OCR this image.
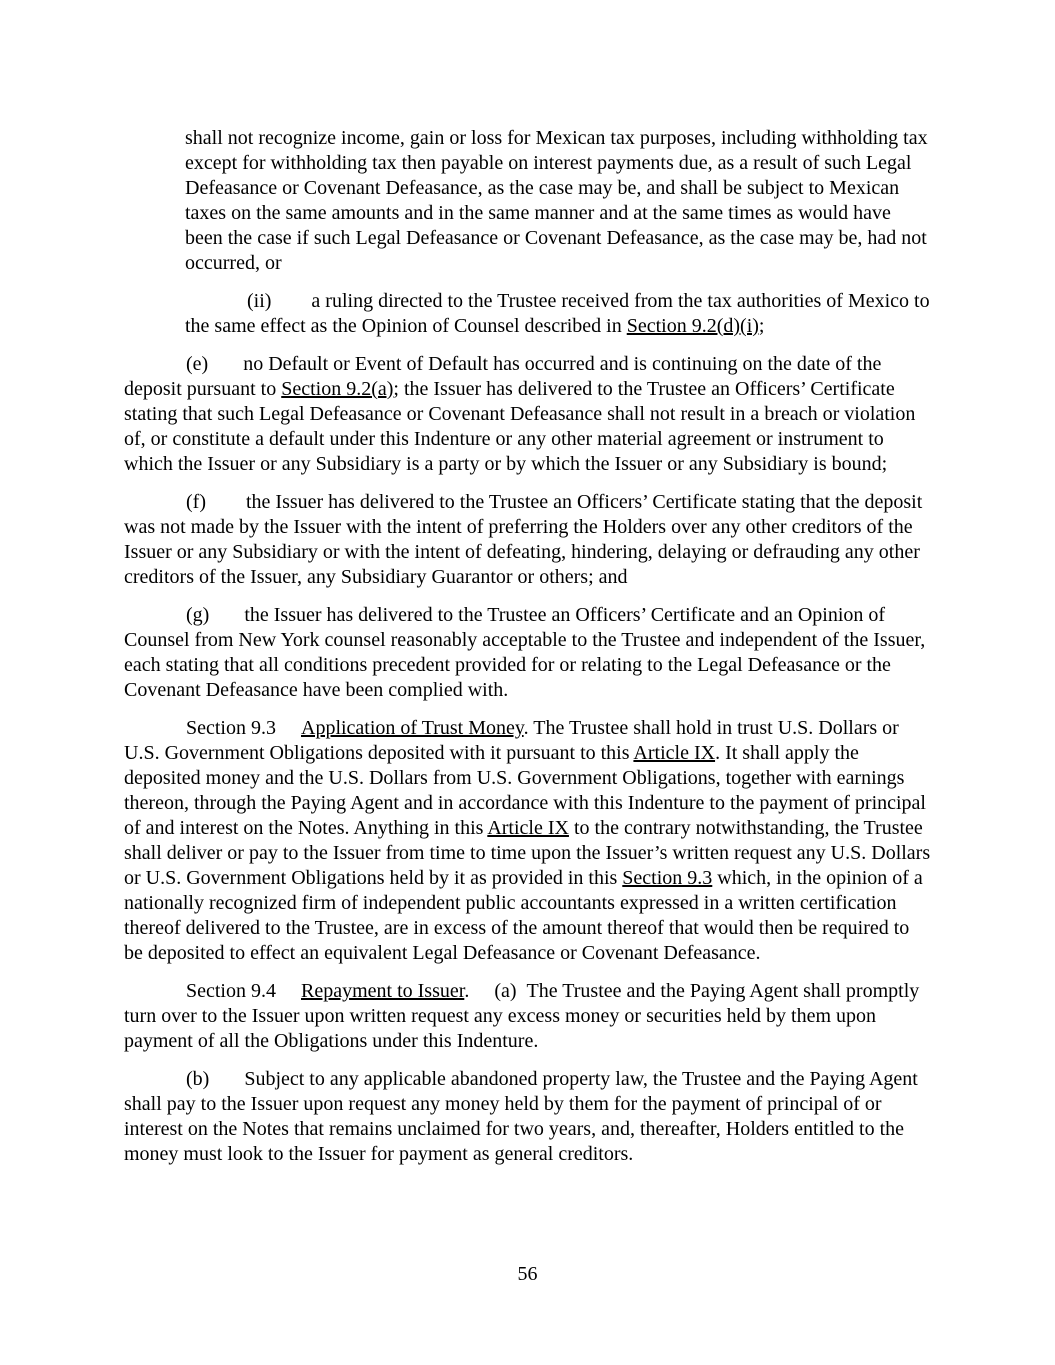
shall not recognize income, gain or loss for Mexican tax purposes, including withholding tax except for withholding tax then payable on interest payments due, as a result of such Legal Defeasance or Covenant Defeasance, as the case may be, and shall be subject to Mexican taxes on the same amounts and in the same manner and at the same times as would have been the case if such Legal Defeasance or Covenant Defeasance, as the case may be, had not occurred, or

(ii)        a ruling directed to the Trustee received from the tax authorities of Mexico to the same effect as the Opinion of Counsel described in Section 9.2(d)(i);

(e)       no Default or Event of Default has occurred and is continuing on the date of the deposit pursuant to Section 9.2(a); the Issuer has delivered to the Trustee an Officers’ Certificate stating that such Legal Defeasance or Covenant Defeasance shall not result in a breach or violation of, or constitute a default under this Indenture or any other material agreement or instrument to which the Issuer or any Subsidiary is a party or by which the Issuer or any Subsidiary is bound;

(f)        the Issuer has delivered to the Trustee an Officers’ Certificate stating that the deposit was not made by the Issuer with the intent of preferring the Holders over any other creditors of the Issuer or any Subsidiary or with the intent of defeating, hindering, delaying or defrauding any other creditors of the Issuer, any Subsidiary Guarantor or others; and

(g)       the Issuer has delivered to the Trustee an Officers’ Certificate and an Opinion of Counsel from New York counsel reasonably acceptable to the Trustee and independent of the Issuer, each stating that all conditions precedent provided for or relating to the Legal Defeasance or the Covenant Defeasance have been complied with.

Section 9.3     Application of Trust Money. The Trustee shall hold in trust U.S. Dollars or U.S. Government Obligations deposited with it pursuant to this Article IX. It shall apply the deposited money and the U.S. Dollars from U.S. Government Obligations, together with earnings thereon, through the Paying Agent and in accordance with this Indenture to the payment of principal of and interest on the Notes. Anything in this Article IX to the contrary notwithstanding, the Trustee shall deliver or pay to the Issuer from time to time upon the Issuer’s written request any U.S. Dollars or U.S. Government Obligations held by it as provided in this Section 9.3 which, in the opinion of a nationally recognized firm of independent public accountants expressed in a written certification thereof delivered to the Trustee, are in excess of the amount thereof that would then be required to be deposited to effect an equivalent Legal Defeasance or Covenant Defeasance.

Section 9.4     Repayment to Issuer.     (a)  The Trustee and the Paying Agent shall promptly turn over to the Issuer upon written request any excess money or securities held by them upon payment of all the Obligations under this Indenture.

(b)       Subject to any applicable abandoned property law, the Trustee and the Paying Agent shall pay to the Issuer upon request any money held by them for the payment of principal of or interest on the Notes that remains unclaimed for two years, and, thereafter, Holders entitled to the money must look to the Issuer for payment as general creditors.

56
